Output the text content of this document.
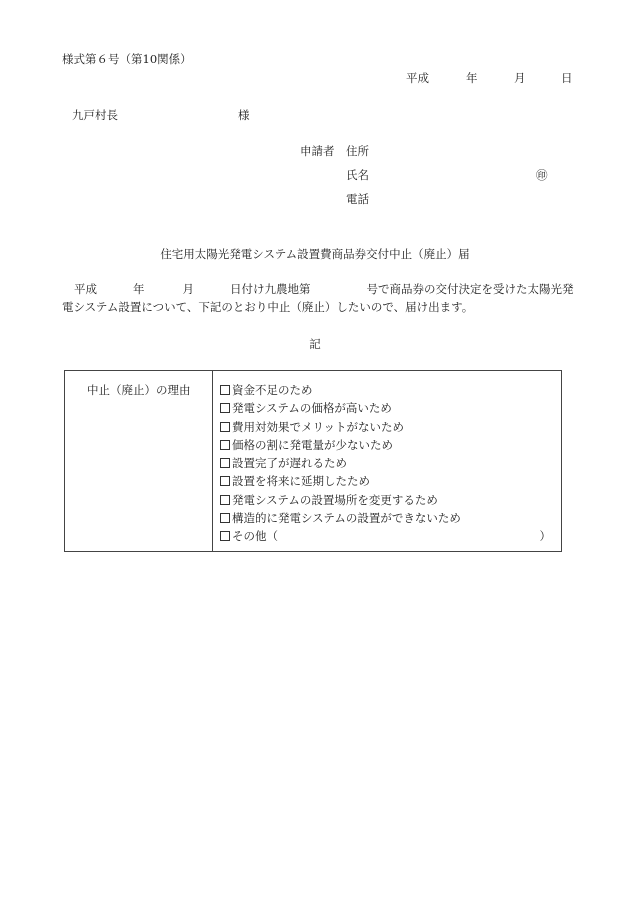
様式第６号（第10関係）
平成	年	月	日
九戸村長	様
申請者 住所
氏名	㊞
電話
住宅用太陽光発電システム設置費商品券交付中止（廃止）届
平成	年	月	日付け九農地第	号で商品券の交付決定を受けた太陽光発電システム設置について、下記のとおり中止（廃止）したいので、届け出ます。
記
中止（廃止）の理由	資金不足のため
発電システムの価格が高いため
費用対効果でメリットがないため
価格の割に発電量が少ないため
設置完了が遅れるため
設置を将来に延期したため
発電システムの設置場所を変更するため
構造的に発電システムの設置ができないため
その他（	）
